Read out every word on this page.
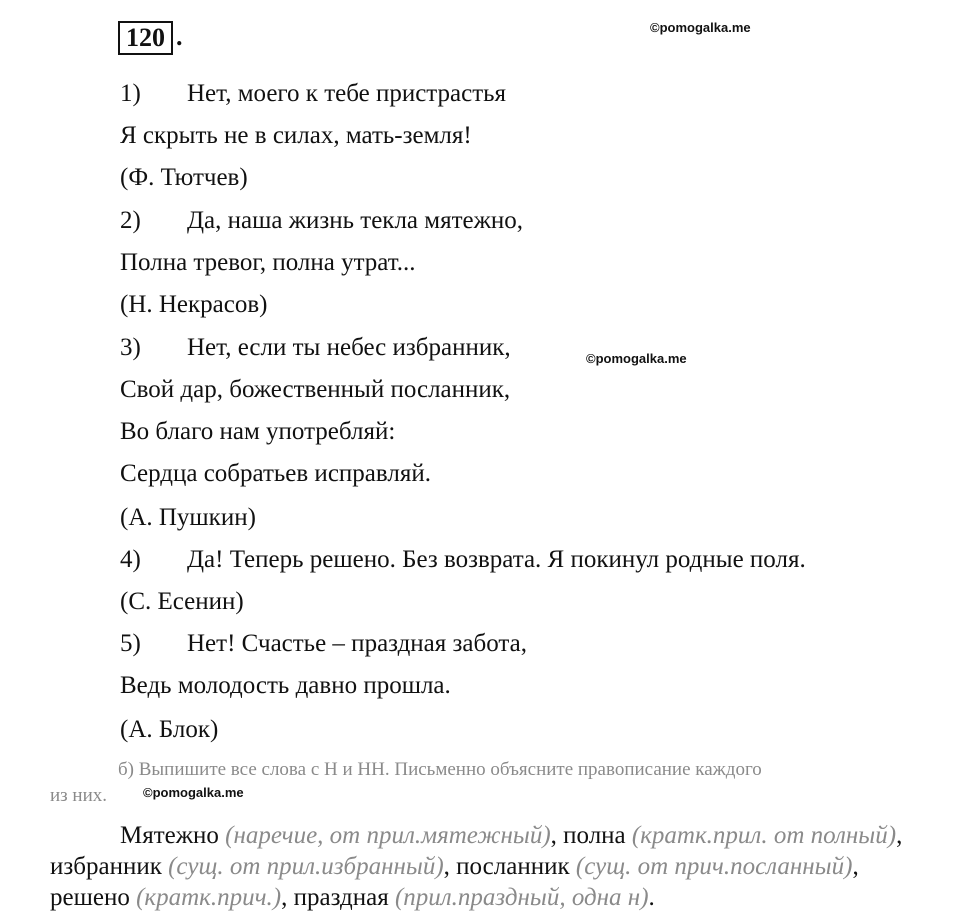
120 .	©pomogalka.me
©pomogalka.me
©pomogalka.me
1) Нет, моего к тебе пристрастья
Я скрыть не в силах, мать-земля!
(Ф. Тютчев)
2) Да, наша жизнь текла мятежно,
Полна тревог, полна утрат...
(Н. Некрасов)
3) Нет, если ты небес избранник,
Свой дар, божественный посланник,
Во благо нам употребляй:
Сердца собратьев исправляй.
(А. Пушкин)
4) Да! Теперь решено. Без возврата. Я покинул родные поля.
(С. Есенин)
5) Нет! Счастье – праздная забота,
Ведь молодость давно прошла.
(А. Блок)
б) Выпишите все слова с Н и НН. Письменно объясните правописание каждого
из них.
Мятежно (наречие, от прил.мятежный), полна (кратк.прил. от полный), избранник (сущ. от прил.избранный), посланник (сущ. от прич.посланный), решено (кратк.прич.), праздная (прил.праздный, одна н).
